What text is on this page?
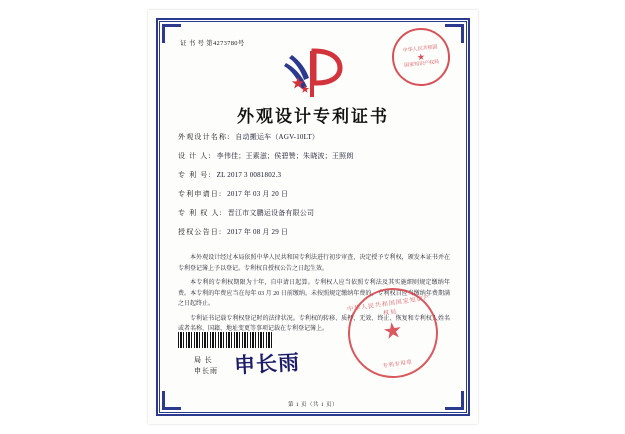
证 书 号 第4273780号
中华人民共和国
★
国家知识产权局
外观设计专利证书
外观设计名称: 自动搬运车（AGV-10LT）
设 计 人: 李伟佳；王素滋；侯碧赞；朱晓波；王照朗
专 利 号: ZL 2017 3 0081802.3
专利申请日: 2017 年 03 月 20 日
专 利 权 人: 晋江市文鹏运设备有限公司
授权公告日: 2017 年 08 月 29 日

本外观设计经过本局依照中华人民共和国专利法进行初步审查，决定授予专利权，颁发本证书并在专利登记簿上予以登记。专利权自授权公告之日起生效。

本专利的专利权期限为十年，自申请日起算。专利权人应当依照专利法及其实施细则规定缴纳年费。本专利的年费应当在每年 03 月 20 日前缴纳。未按照规定缴纳年费的，专利权自应当缴纳年费期满之日起终止。

专利证书记载专利权登记时的法律状况。专利权的转移、质押、无效、终止、恢复和专利权人姓名或者名称、国籍、地址变更等事项记载在专利登记簿上。

中华人民共和国国家知识产权局
★
专利专用章
局 长
申长雨 申长雨
第 1 页（共 1 页）
